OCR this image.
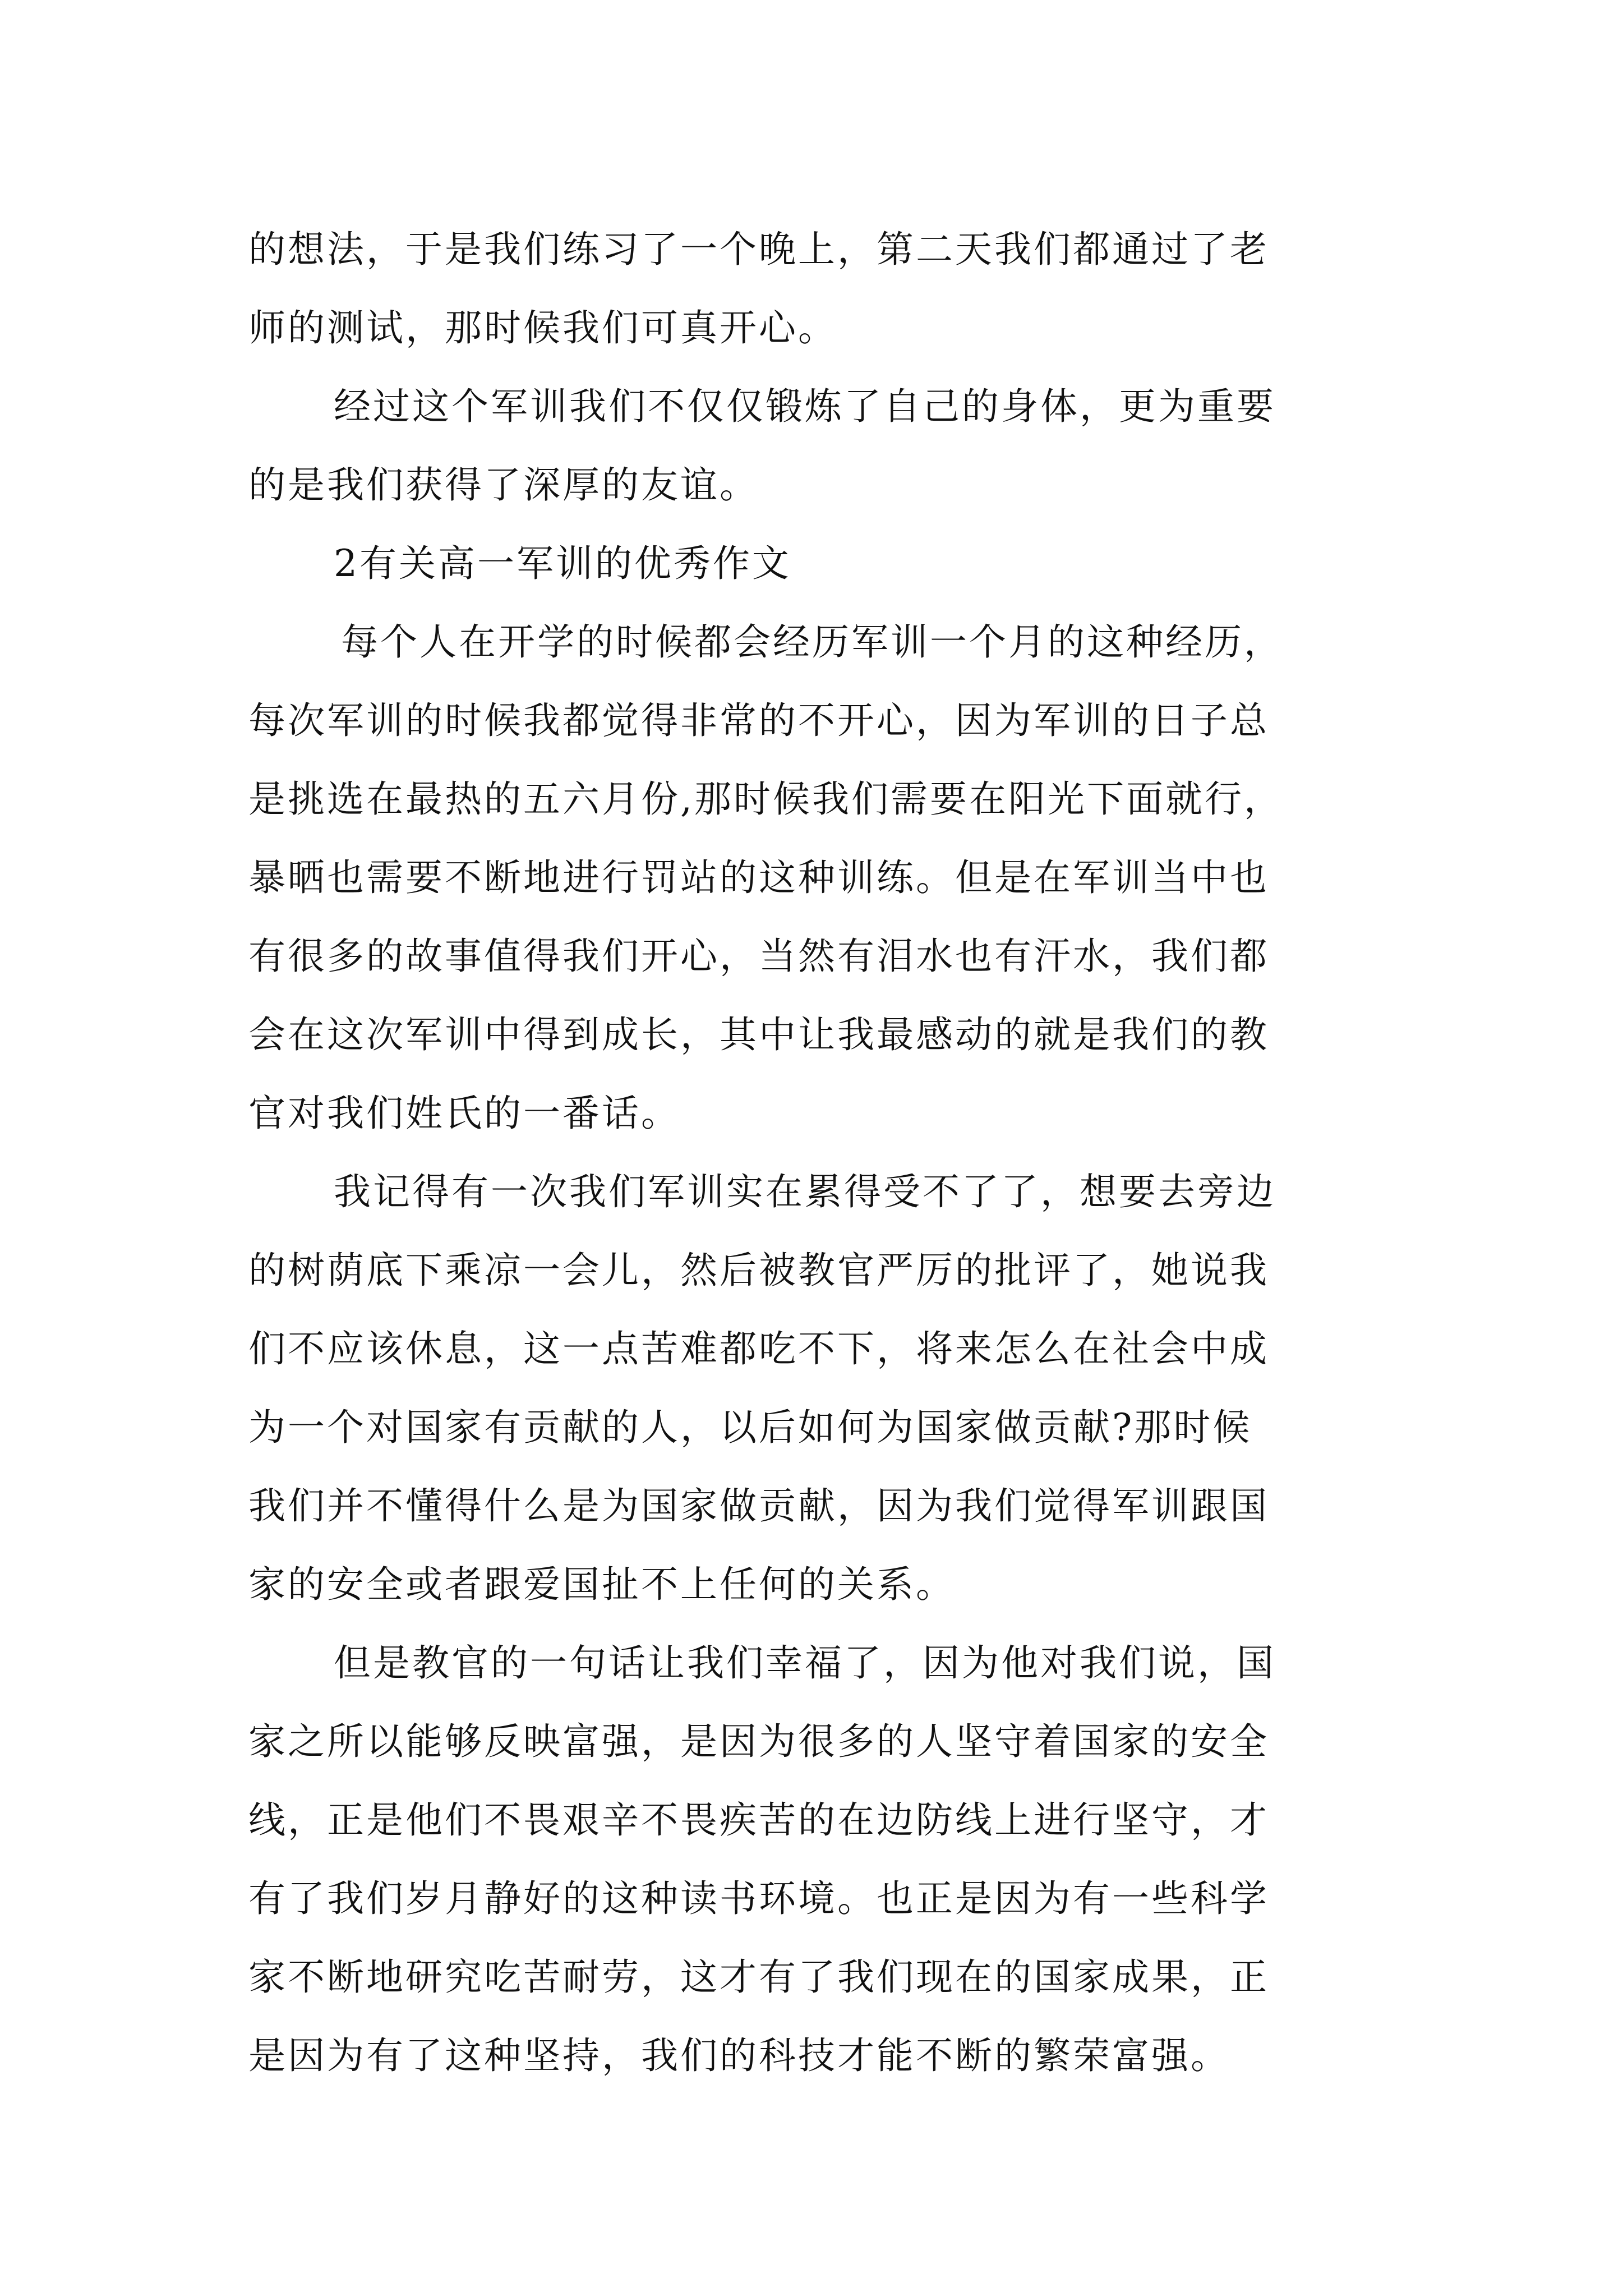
的想法，于是我们练习了一个晚上，第二天我们都通过了老
师的测试，那时候我们可真开心。
经过这个军训我们不仅仅锻炼了自己的身体，更为重要
的是我们获得了深厚的友谊。
2有关高一军训的优秀作文
每个人在开学的时候都会经历军训一个月的这种经历，
每次军训的时候我都觉得非常的不开心，因为军训的日子总
是挑选在最热的五六月份,那时候我们需要在阳光下面就行，
暴晒也需要不断地进行罚站的这种训练。但是在军训当中也
有很多的故事值得我们开心，当然有泪水也有汗水，我们都
会在这次军训中得到成长，其中让我最感动的就是我们的教
官对我们姓氏的一番话。
我记得有一次我们军训实在累得受不了了，想要去旁边
的树荫底下乘凉一会儿，然后被教官严厉的批评了，她说我
们不应该休息，这一点苦难都吃不下，将来怎么在社会中成
为一个对国家有贡献的人，以后如何为国家做贡献?那时候
我们并不懂得什么是为国家做贡献，因为我们觉得军训跟国
家的安全或者跟爱国扯不上任何的关系。
但是教官的一句话让我们幸福了，因为他对我们说，国
家之所以能够反映富强，是因为很多的人坚守着国家的安全
线，正是他们不畏艰辛不畏疾苦的在边防线上进行坚守，才
有了我们岁月静好的这种读书环境。也正是因为有一些科学
家不断地研究吃苦耐劳，这才有了我们现在的国家成果，正
是因为有了这种坚持，我们的科技才能不断的繁荣富强。
